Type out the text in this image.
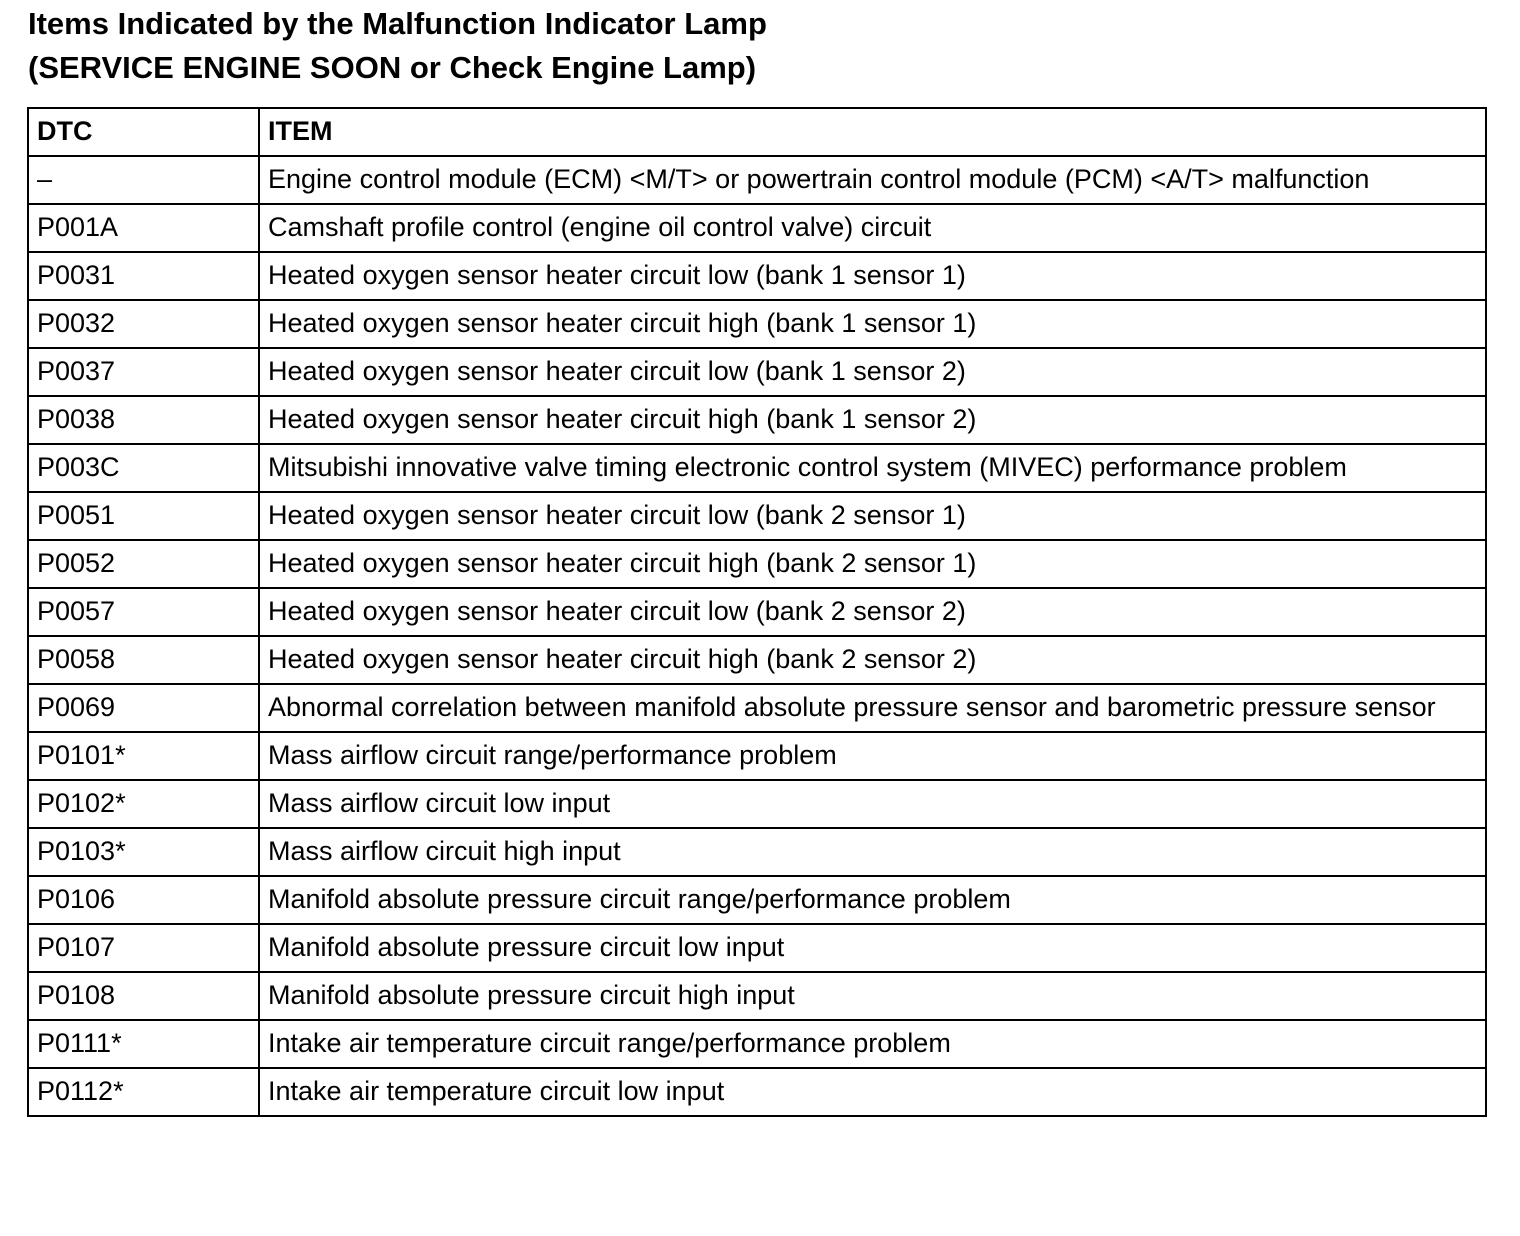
Items Indicated by the Malfunction Indicator Lamp
(SERVICE ENGINE SOON or Check Engine Lamp)
DTC	ITEM
–	Engine control module (ECM) <M/T> or powertrain control module (PCM) <A/T> malfunction
P001A	Camshaft profile control (engine oil control valve) circuit
P0031	Heated oxygen sensor heater circuit low (bank 1 sensor 1)
P0032	Heated oxygen sensor heater circuit high (bank 1 sensor 1)
P0037	Heated oxygen sensor heater circuit low (bank 1 sensor 2)
P0038	Heated oxygen sensor heater circuit high (bank 1 sensor 2)
P003C	Mitsubishi innovative valve timing electronic control system (MIVEC) performance problem
P0051	Heated oxygen sensor heater circuit low (bank 2 sensor 1)
P0052	Heated oxygen sensor heater circuit high (bank 2 sensor 1)
P0057	Heated oxygen sensor heater circuit low (bank 2 sensor 2)
P0058	Heated oxygen sensor heater circuit high (bank 2 sensor 2)
P0069	Abnormal correlation between manifold absolute pressure sensor and barometric pressure sensor
P0101*	Mass airflow circuit range/performance problem
P0102*	Mass airflow circuit low input
P0103*	Mass airflow circuit high input
P0106	Manifold absolute pressure circuit range/performance problem
P0107	Manifold absolute pressure circuit low input
P0108	Manifold absolute pressure circuit high input
P0111*	Intake air temperature circuit range/performance problem
P0112*	Intake air temperature circuit low input
